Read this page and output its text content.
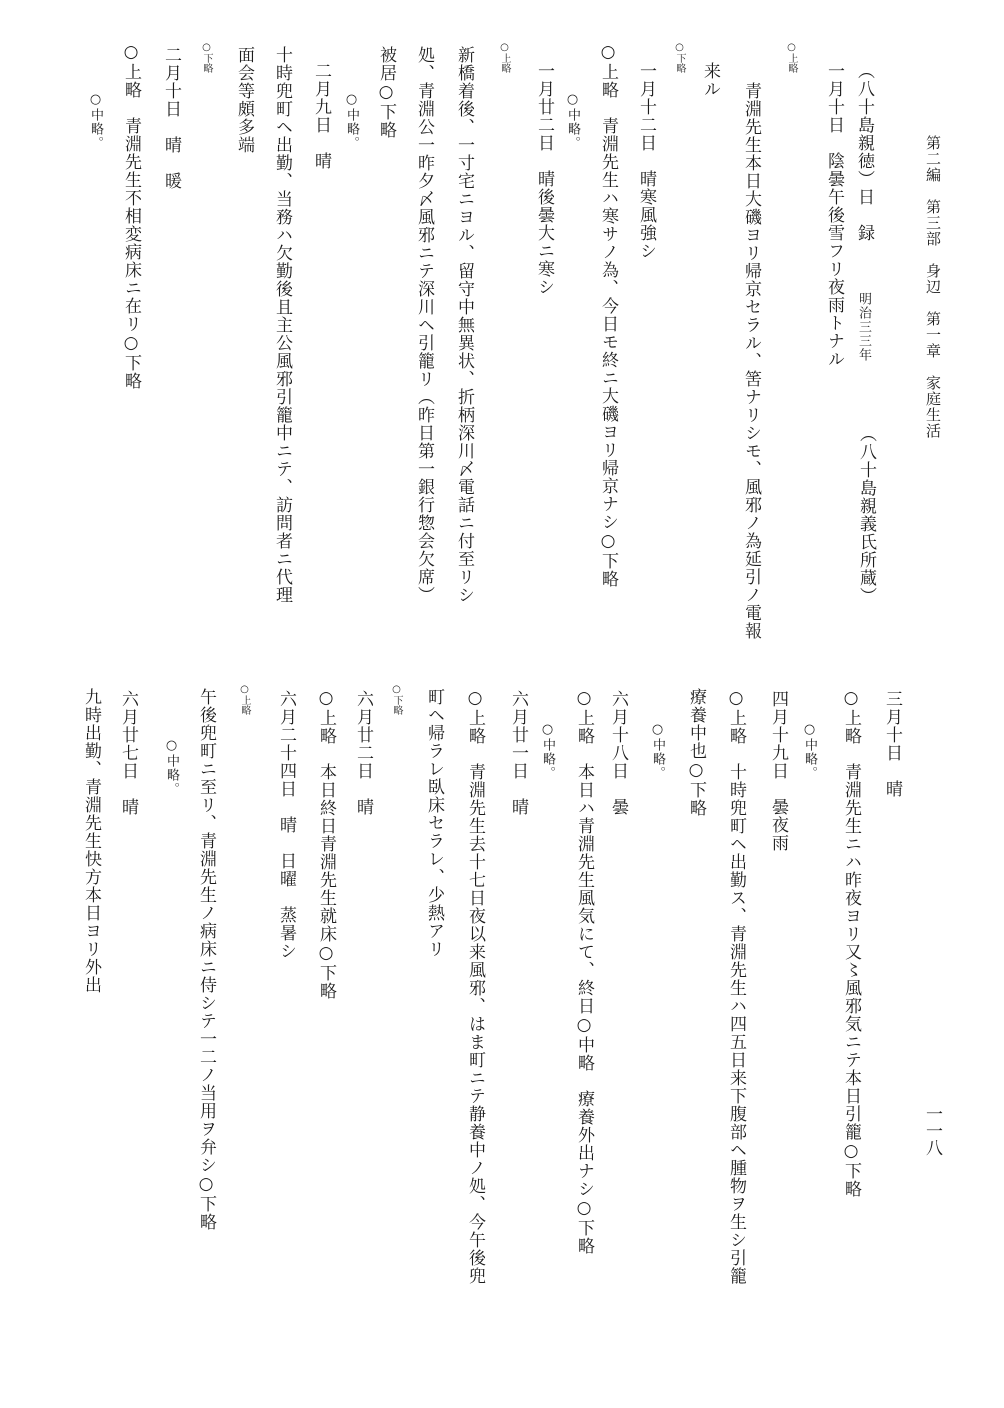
第二編　第三部　身辺　第一章　家庭生活
一一八
（八十島親徳）日　録
明治三三年
（八十島親義氏所蔵）
一月十日　陰曇午後雪フリ夜雨トナル
○上略
青淵先生本日大磯ヨリ帰京セラル、筈ナリシモ、風邪ノ為延引ノ電報
来ル
○下略
一月十二日　晴寒風強シ
○上略　青淵先生ハ寒サノ為、今日モ終ニ大磯ヨリ帰京ナシ○下略
○中略。
一月廿二日　晴後曇大ニ寒シ
○上略
新橋着後、一寸宅ニヨル、留守中無異状、折柄深川〆電話ニ付至リシ
処、青淵公一昨夕〆風邪ニテ深川ヘ引籠リ（昨日第一銀行惣会欠席）
被居○下略
○中略。
二月九日　晴
十時兜町ヘ出勤、当務ハ欠勤後且主公風邪引籠中ニテ、訪問者ニ代理
面会等頗多端
○下略
二月十日　晴　暖
○上略　青淵先生不相変病床ニ在リ○下略
○中略。
三月十日　晴
○上略　青淵先生ニハ昨夜ヨリ又〻風邪気ニテ本日引籠○下略
○中略。
四月十九日　曇夜雨
○上略　十時兜町ヘ出勤ス、青淵先生ハ四五日来下腹部ヘ腫物ヲ生シ引籠
療養中也○下略
○中略。
六月十八日　曇
○上略　本日ハ青淵先生風気にて、終日○中略　療養外出ナシ○下略
○中略。
六月廿一日　晴
○上略　青淵先生去十七日夜以来風邪、はま町ニテ静養中ノ処、今午後兜
町ヘ帰ラレ臥床セラレ、少熱アリ
○下略
六月廿二日　晴
○上略　本日終日青淵先生就床○下略
六月二十四日　晴　日曜　蒸暑シ
○上略
午後兜町ニ至リ、青淵先生ノ病床ニ侍シテ一二ノ当用ヲ弁シ○下略
○中略。
六月廿七日　晴
九時出勤、青淵先生快方本日ヨリ外出
